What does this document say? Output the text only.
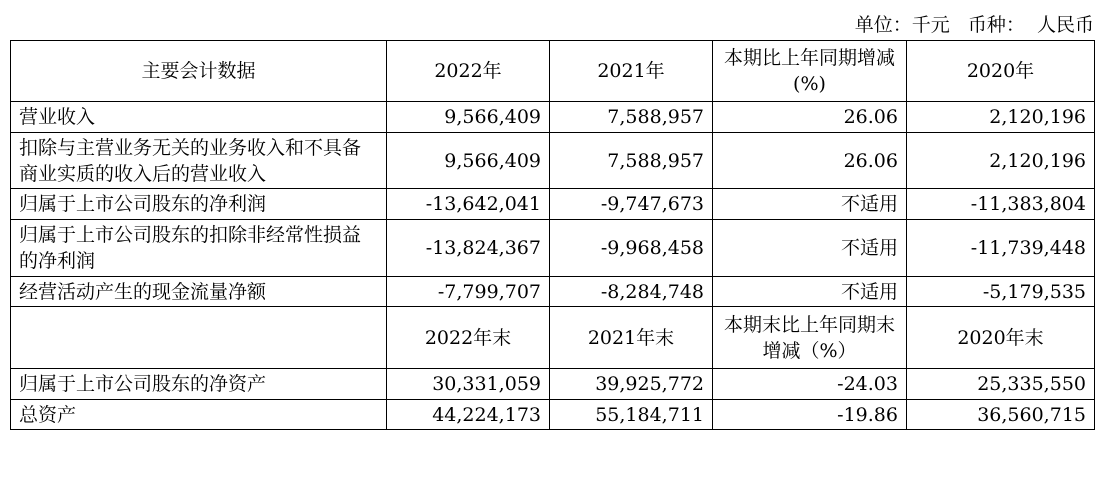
单位：千元   币种：  人民币
主要会计数据	2022年	2021年	本期比上年同期增减(%)	2020年
营业收入	9,566,409	7,588,957	26.06	2,120,196
扣除与主营业务无关的业务收入和不具备商业实质的收入后的营业收入	9,566,409	7,588,957	26.06	2,120,196
归属于上市公司股东的净利润	-13,642,041	-9,747,673	不适用	-11,383,804
归属于上市公司股东的扣除非经常性损益的净利润	-13,824,367	-9,968,458	不适用	-11,739,448
经营活动产生的现金流量净额	-7,799,707	-8,284,748	不适用	-5,179,535
	2022年末	2021年末	本期末比上年同期末增减（%）	2020年末
归属于上市公司股东的净资产	30,331,059	39,925,772	-24.03	25,335,550
总资产	44,224,173	55,184,711	-19.86	36,560,715
